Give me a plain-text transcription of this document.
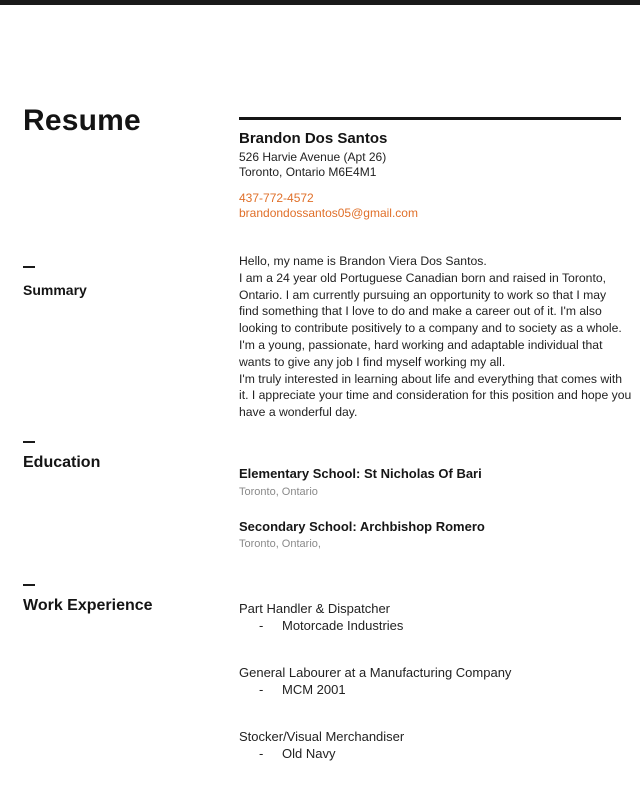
Resume
Brandon Dos Santos
526 Harvie Avenue (Apt 26)
Toronto, Ontario M6E4M1
437-772-4572
brandondossantos05@gmail.com
Summary
Hello, my name is Brandon Viera Dos Santos.
I am a 24 year old Portuguese Canadian born and raised in Toronto,
Ontario. I am currently pursuing an opportunity to work so that I may
find something that I love to do and make a career out of it. I'm also
looking to contribute positively to a company and to society as a whole.
I'm a young, passionate, hard working and adaptable individual that
wants to give any job I find myself working my all.
I'm truly interested in learning about life and everything that comes with
it. I appreciate your time and consideration for this position and hope you
have a wonderful day.
Education
Elementary School: St Nicholas Of Bari
Toronto, Ontario
Secondary School: Archbishop Romero
Toronto, Ontario,
Work Experience	Part Handler & Dispatcher
- Motorcade Industries
General Labourer at a Manufacturing Company
- MCM 2001
Stocker/Visual Merchandiser
- Old Navy
